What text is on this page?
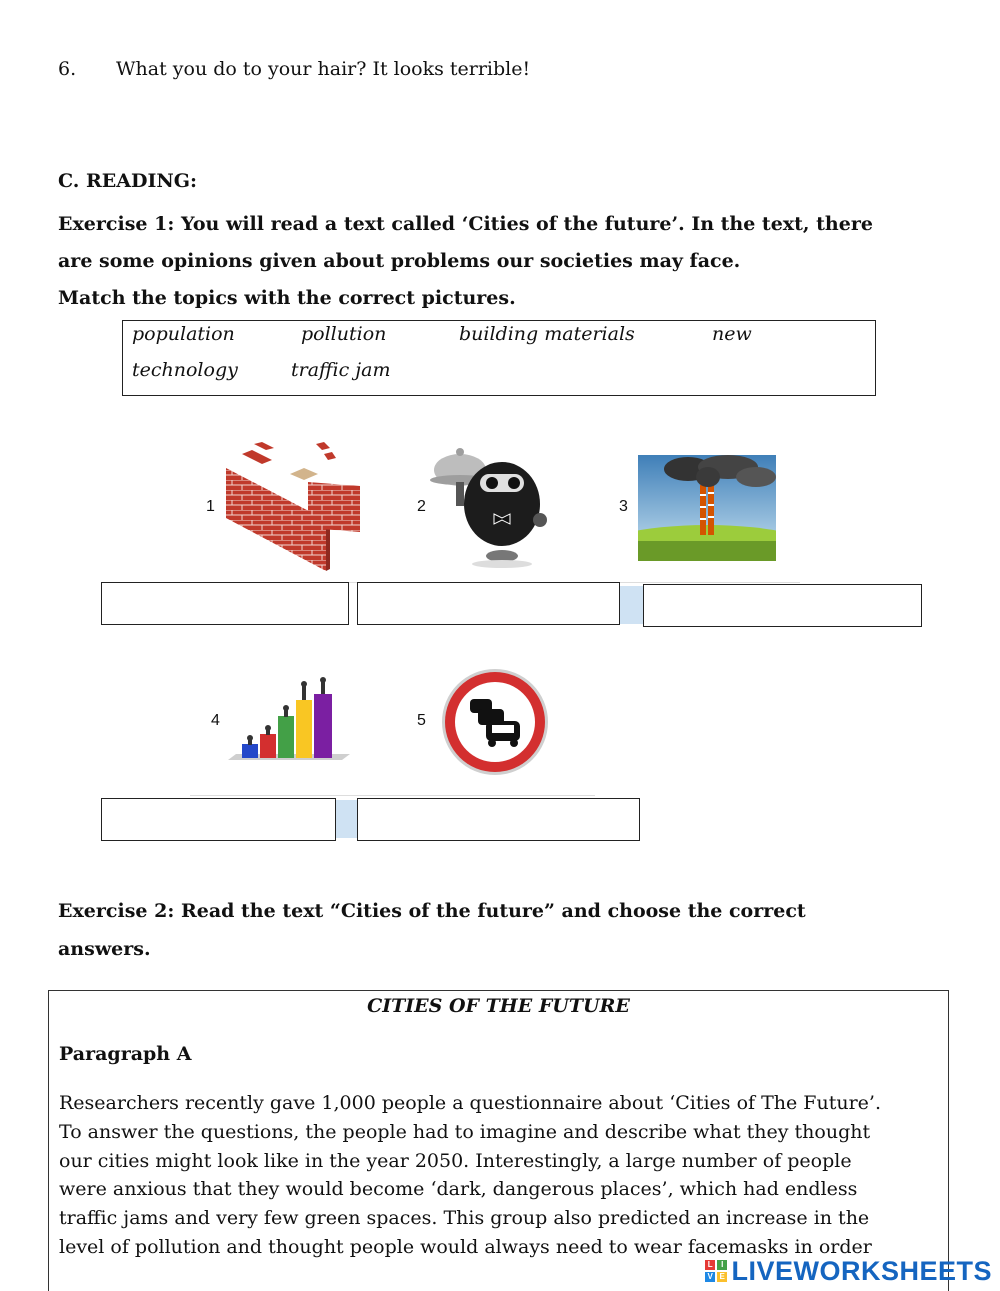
6. What you do to your hair? It looks terrible!
C. READING:
Exercise 1: You will read a text called ‘Cities of the future’. In the text, there
are some opinions given about problems our societies may face.
Match the topics with the correct pictures.
population	pollution	building materials	new
technology	traffic jam
1	2	3
4	5
Exercise 2: Read the text “Cities of the future” and choose the correct
answers.
CITIES OF THE FUTURE
Paragraph A
Researchers recently gave 1,000 people a questionnaire about ‘Cities of The Future’.
To answer the questions, the people had to imagine and describe what they thought
our cities might look like in the year 2050. Interestingly, a large number of people
were anxious that they would become ‘dark, dangerous places’, which had endless
traffic jams and very few green spaces. This group also predicted an increase in the
level of pollution and thought people would always need to wear facemasks in order
L I
V E LIVEWORKSHEETS
